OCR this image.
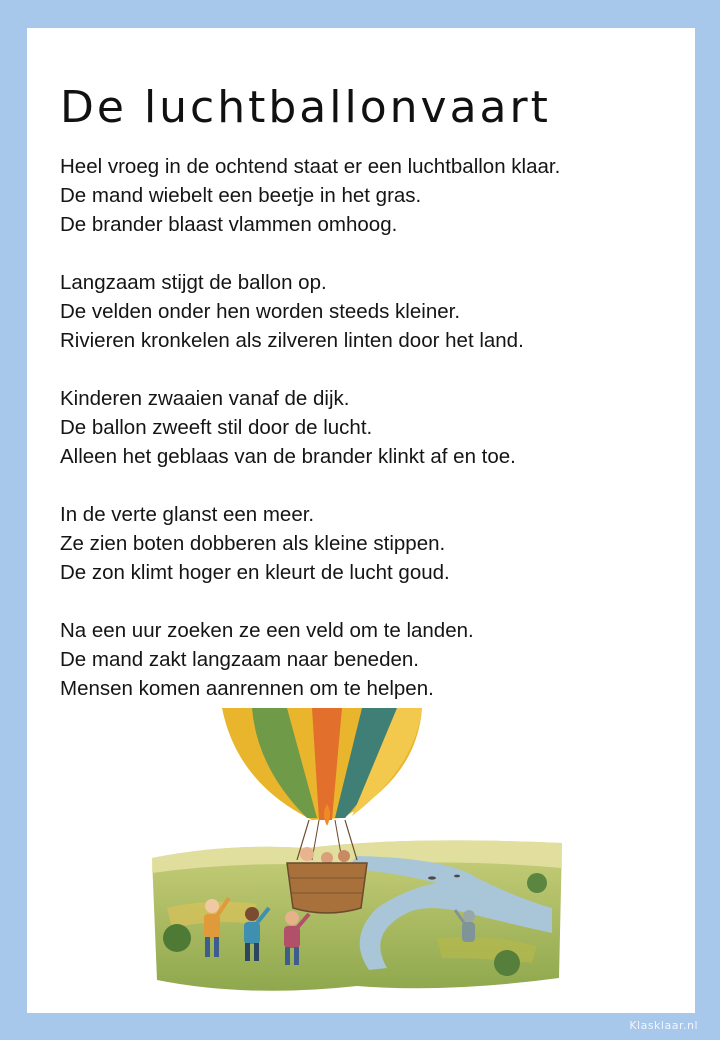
De luchtballonvaart
Heel vroeg in de ochtend staat er een luchtballon klaar.
De mand wiebelt een beetje in het gras.
De brander blaast vlammen omhoog.
Langzaam stijgt de ballon op.
De velden onder hen worden steeds kleiner.
Rivieren kronkelen als zilveren linten door het land.
Kinderen zwaaien vanaf de dijk.
De ballon zweeft stil door de lucht.
Alleen het geblaas van de brander klinkt af en toe.
In de verte glanst een meer.
Ze zien boten dobberen als kleine stippen.
De zon klimt hoger en kleurt de lucht goud.
Na een uur zoeken ze een veld om te landen.
De mand zakt langzaam naar beneden.
Mensen komen aanrennen om te helpen.
Klasklaar.nl
